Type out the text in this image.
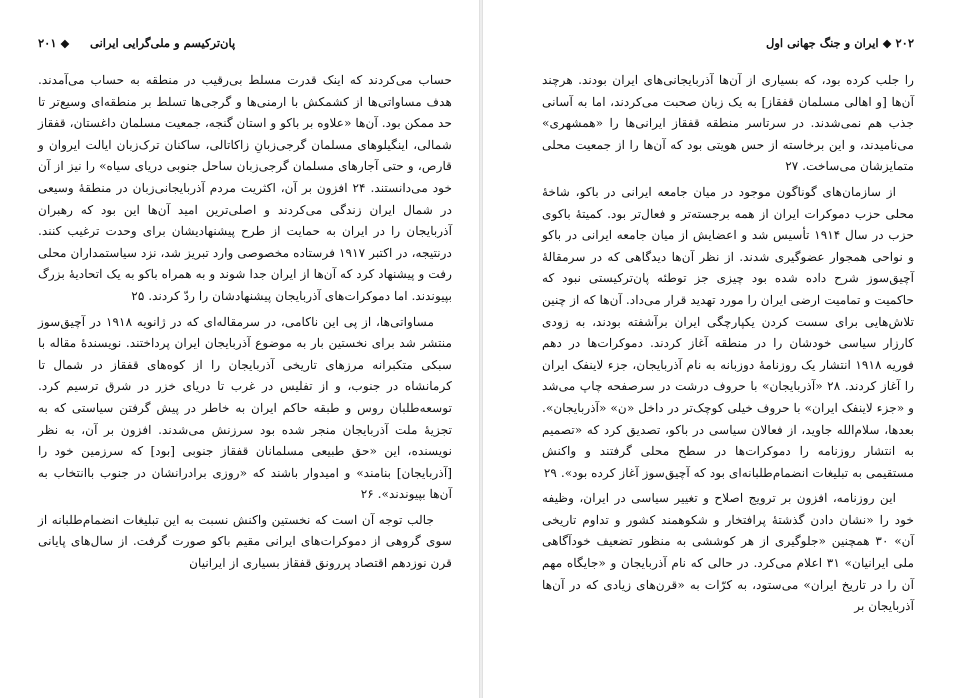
پان‌ترکیسم و ملی‌گرایی ایرانی
۲۰۱ ◆

حساب می‌کردند که اینک قدرت مسلط بی‌رقیب در منطقه به حساب می‌آمدند. هدف مساواتی‌ها از کشمکش با ارمنی‌ها و گرجی‌ها تسلط بر منطقه‌ای وسیع‌تر تا حد ممکن بود. آن‌ها «علاوه بر باکو و استان گنجه، جمعیت مسلمان داغستان، قفقاز شمالی، اینگیلوهای مسلمان گرجی‌زبانِ زاکاتالی، ساکنان ترک‌زبان ایالت ایروان و قارص، و حتی آجارهای مسلمان گرجی‌زبان ساحل جنوبی دریای سیاه» را نیز از آن خود می‌دانستند. ۲۴ افزون بر آن، اکثریت مردم آذربایجانی‌زبان در منطقهٔ وسیعی در شمال ایران زندگی می‌کردند و اصلی‌ترین امید آن‌ها این بود که رهبران آذربایجان را در ایران به حمایت از طرح پیشنهادیشان برای وحدت ترغیب کنند. درنتیجه، در اکتبر ۱۹۱۷ فرستاده مخصوصی وارد تبریز شد، نزد سیاستمداران محلی رفت و پیشنهاد کرد که آن‌ها از ایران جدا شوند و به همراه باکو به یک اتحادیهٔ بزرگ بپیوندند. اما دموکرات‌های آذربایجان پیشنهادشان را ردّ کردند. ۲۵

مساواتی‌ها، از پی این ناکامی، در سرمقاله‌ای که در ژانویه ۱۹۱۸ در آچیق‌سوز منتشر شد برای نخستین بار به موضوع آذربایجان ایران پرداختند. نویسندهٔ مقاله با سبکی متکبرانه مرزهای تاریخی آذربایجان را از کوه‌های قفقاز در شمال تا کرمانشاه در جنوب، و از تفلیس در غرب تا دریای خزر در شرق ترسیم کرد. توسعه‌طلبان روس و طبقه حاکم ایران به خاطر در پیش گرفتن سیاستی که به تجزیهٔ ملت آذربایجان منجر شده بود سرزنش می‌شدند. افزون بر آن، به نظر نویسنده، این «حق طبیعی مسلمانان قفقاز جنوبی [بود] که سرزمین خود را [آذربایجان] بنامند» و امیدوار باشند که «روزی برادرانشان در جنوب با‌انتخاب به آن‌ها بپیوندند». ۲۶

جالب توجه آن است که نخستین واکنش نسبت به این تبلیغات انضمام‌طلبانه از سوی گروهی از دموکرات‌های ایرانی مقیم باکو صورت گرفت. از سال‌های پایانی قرن نوزدهم اقتصاد پررونق قفقاز بسیاری از ایرانیان

۲۰۲ ◆ ایران و جنگ جهانی اول

را جلب کرده بود، که بسیاری از آن‌ها آذربایجانی‌های ایران بودند. هرچند آن‌ها [و اهالی مسلمان قفقاز] به یک زبان صحبت می‌کردند، اما به آسانی جذب هم نمی‌شدند. در سرتاسر منطقه قفقاز ایرانی‌ها را «همشهری» می‌نامیدند، و این برخاسته از حس هویتی بود که آن‌ها را از جمعیت محلی متمایزشان می‌ساخت. ۲۷

از سازمان‌های گوناگون موجود در میان جامعه ایرانی در باکو، شاخهٔ محلی حزب دموکرات ایران از همه برجسته‌تر و فعال‌تر بود. کمیتهٔ باکوی حزب در سال ۱۹۱۴ تأسیس شد و اعضایش از میان جامعه ایرانی در باکو و نواحی همجوار عضوگیری شدند. از نظر آن‌ها دیدگاهی که در سرمقالهٔ آچیق‌سوز شرح داده شده بود چیزی جز توطئه پان‌ترکیستی نبود که حاکمیت و تمامیت ارضی ایران را مورد تهدید قرار می‌داد. آن‌ها که از چنین تلاش‌هایی برای سست کردن یکپارچگی ایران برآشفته بودند، به زودی کارزار سیاسی خودشان را در منطقه آغاز کردند. دموکرات‌ها در دهم فوریه ۱۹۱۸ انتشار یک روزنامهٔ دوزبانه به نام آذربایجان، جزء لاینفک ایران را آغاز کردند. ۲۸ «آذربایجان» با حروف درشت در سرصفحه چاپ می‌شد و «جزء لاینفک ایران» با حروف خیلی کوچک‌تر در داخل «ن» «آذربایجان». بعدها، سلام‌الله جاوید، از فعالان سیاسی در باکو، تصدیق کرد که «تصمیم به انتشار روزنامه را دموکرات‌ها در سطح محلی گرفتند و واکنش مستقیمی به تبلیغات انضمام‌طلبانه‌ای بود که آچیق‌سوز آغاز کرده بود». ۲۹

این روزنامه، افزون بر ترویج اصلاح و تغییر سیاسی در ایران، وظیفه خود را «نشان دادن گذشتهٔ پرافتخار و شکوهمند کشور و تداوم تاریخی آن» ۳۰ همچنین «جلوگیری از هر کوششی به منظور تضعیف خودآگاهی ملی ایرانیان» ۳۱ اعلام می‌کرد. در حالی که نام آذربایجان و «جایگاه مهم آن را در تاریخ ایران» می‌ستود، به کرّات به «قرن‌های زیادی که در آن‌ها آذربایجان بر
